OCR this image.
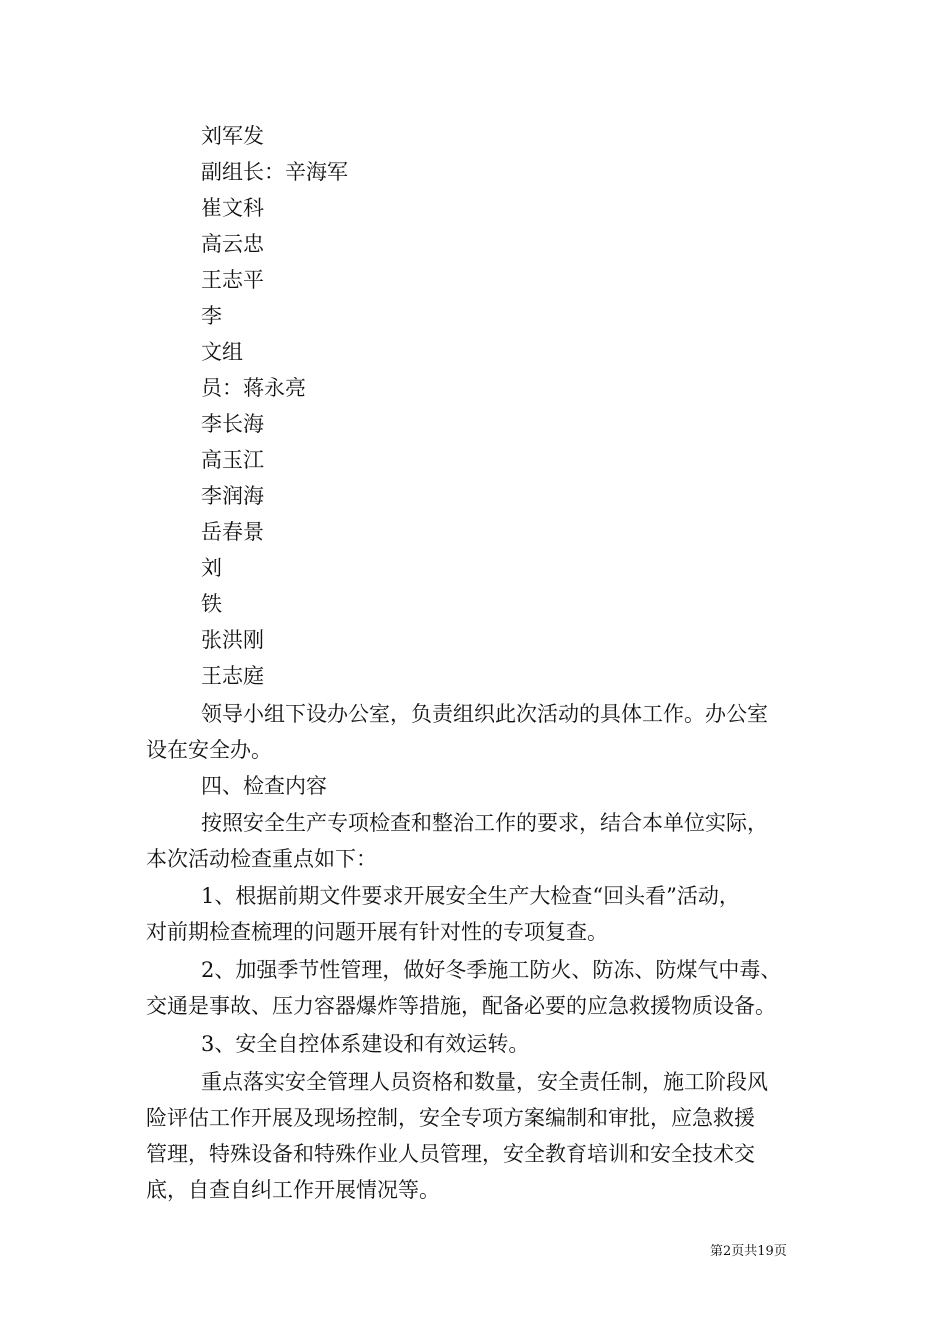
刘军发
副组长：辛海军
崔文科
高云忠
王志平
李
文组
员：蒋永亮
李长海
高玉江
李润海
岳春景
刘
铁
张洪刚
王志庭
领导小组下设办公室，负责组织此次活动的具体工作。办公室
设在安全办。
四、检查内容
按照安全生产专项检查和整治工作的要求，结合本单位实际，
本次活动检查重点如下：
1、根据前期文件要求开展安全生产大检查“回头看”活动，
对前期检查梳理的问题开展有针对性的专项复查。
2、加强季节性管理，做好冬季施工防火、防冻、防煤气中毒、
交通是事故、压力容器爆炸等措施，配备必要的应急救援物质设备。
3、安全自控体系建设和有效运转。
重点落实安全管理人员资格和数量，安全责任制，施工阶段风
险评估工作开展及现场控制，安全专项方案编制和审批，应急救援
管理，特殊设备和特殊作业人员管理，安全教育培训和安全技术交
底，自查自纠工作开展情况等。
第2页共19页
